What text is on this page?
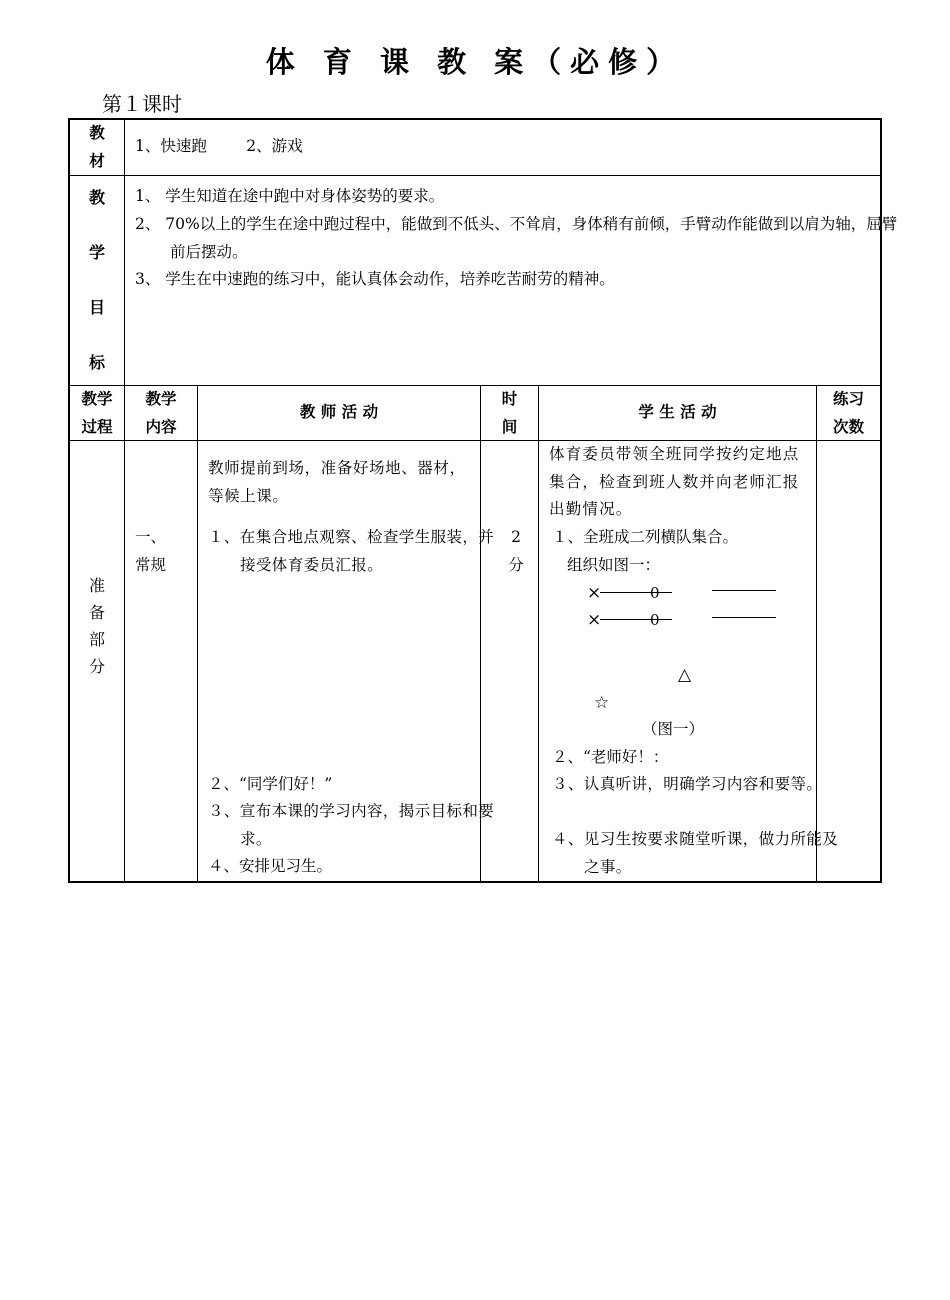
体 育 课 教 案（必修）
第１课时
教
材
1、快速跑        2、游戏
教
学
目
标
1、 学生知道在途中跑中对身体姿势的要求。
2、 70%以上的学生在途中跑过程中，能做到不低头、不耸肩，身体稍有前倾，手臂动作能做到以肩为轴，屈臂前后摆动。
3、 学生在中速跑的练习中，能认真体会动作，培养吃苦耐劳的精神。
教学
过程
教学
内容
教 师 活 动
时
间
学 生 活 动
练习
次数
准
备
部
分
一、
常规
教师提前到场，准备好场地、器材，等候上课。
１、在集合地点观察、检查学生服装，并接受体育委员汇报。
２、“同学们好！”
３、宣布本课的学习内容，揭示目标和要求。
４、安排见习生。
2
分
体育委员带领全班同学按约定地点集合，检查到班人数并向老师汇报出勤情况。
１、全班成二列横队集合。
组织如图一：
×	0
×	0
△
☆
（图一）
２、“老师好！：
３、认真听讲，明确学习内容和要等。
４、见习生按要求随堂听课，做力所能及之事。
